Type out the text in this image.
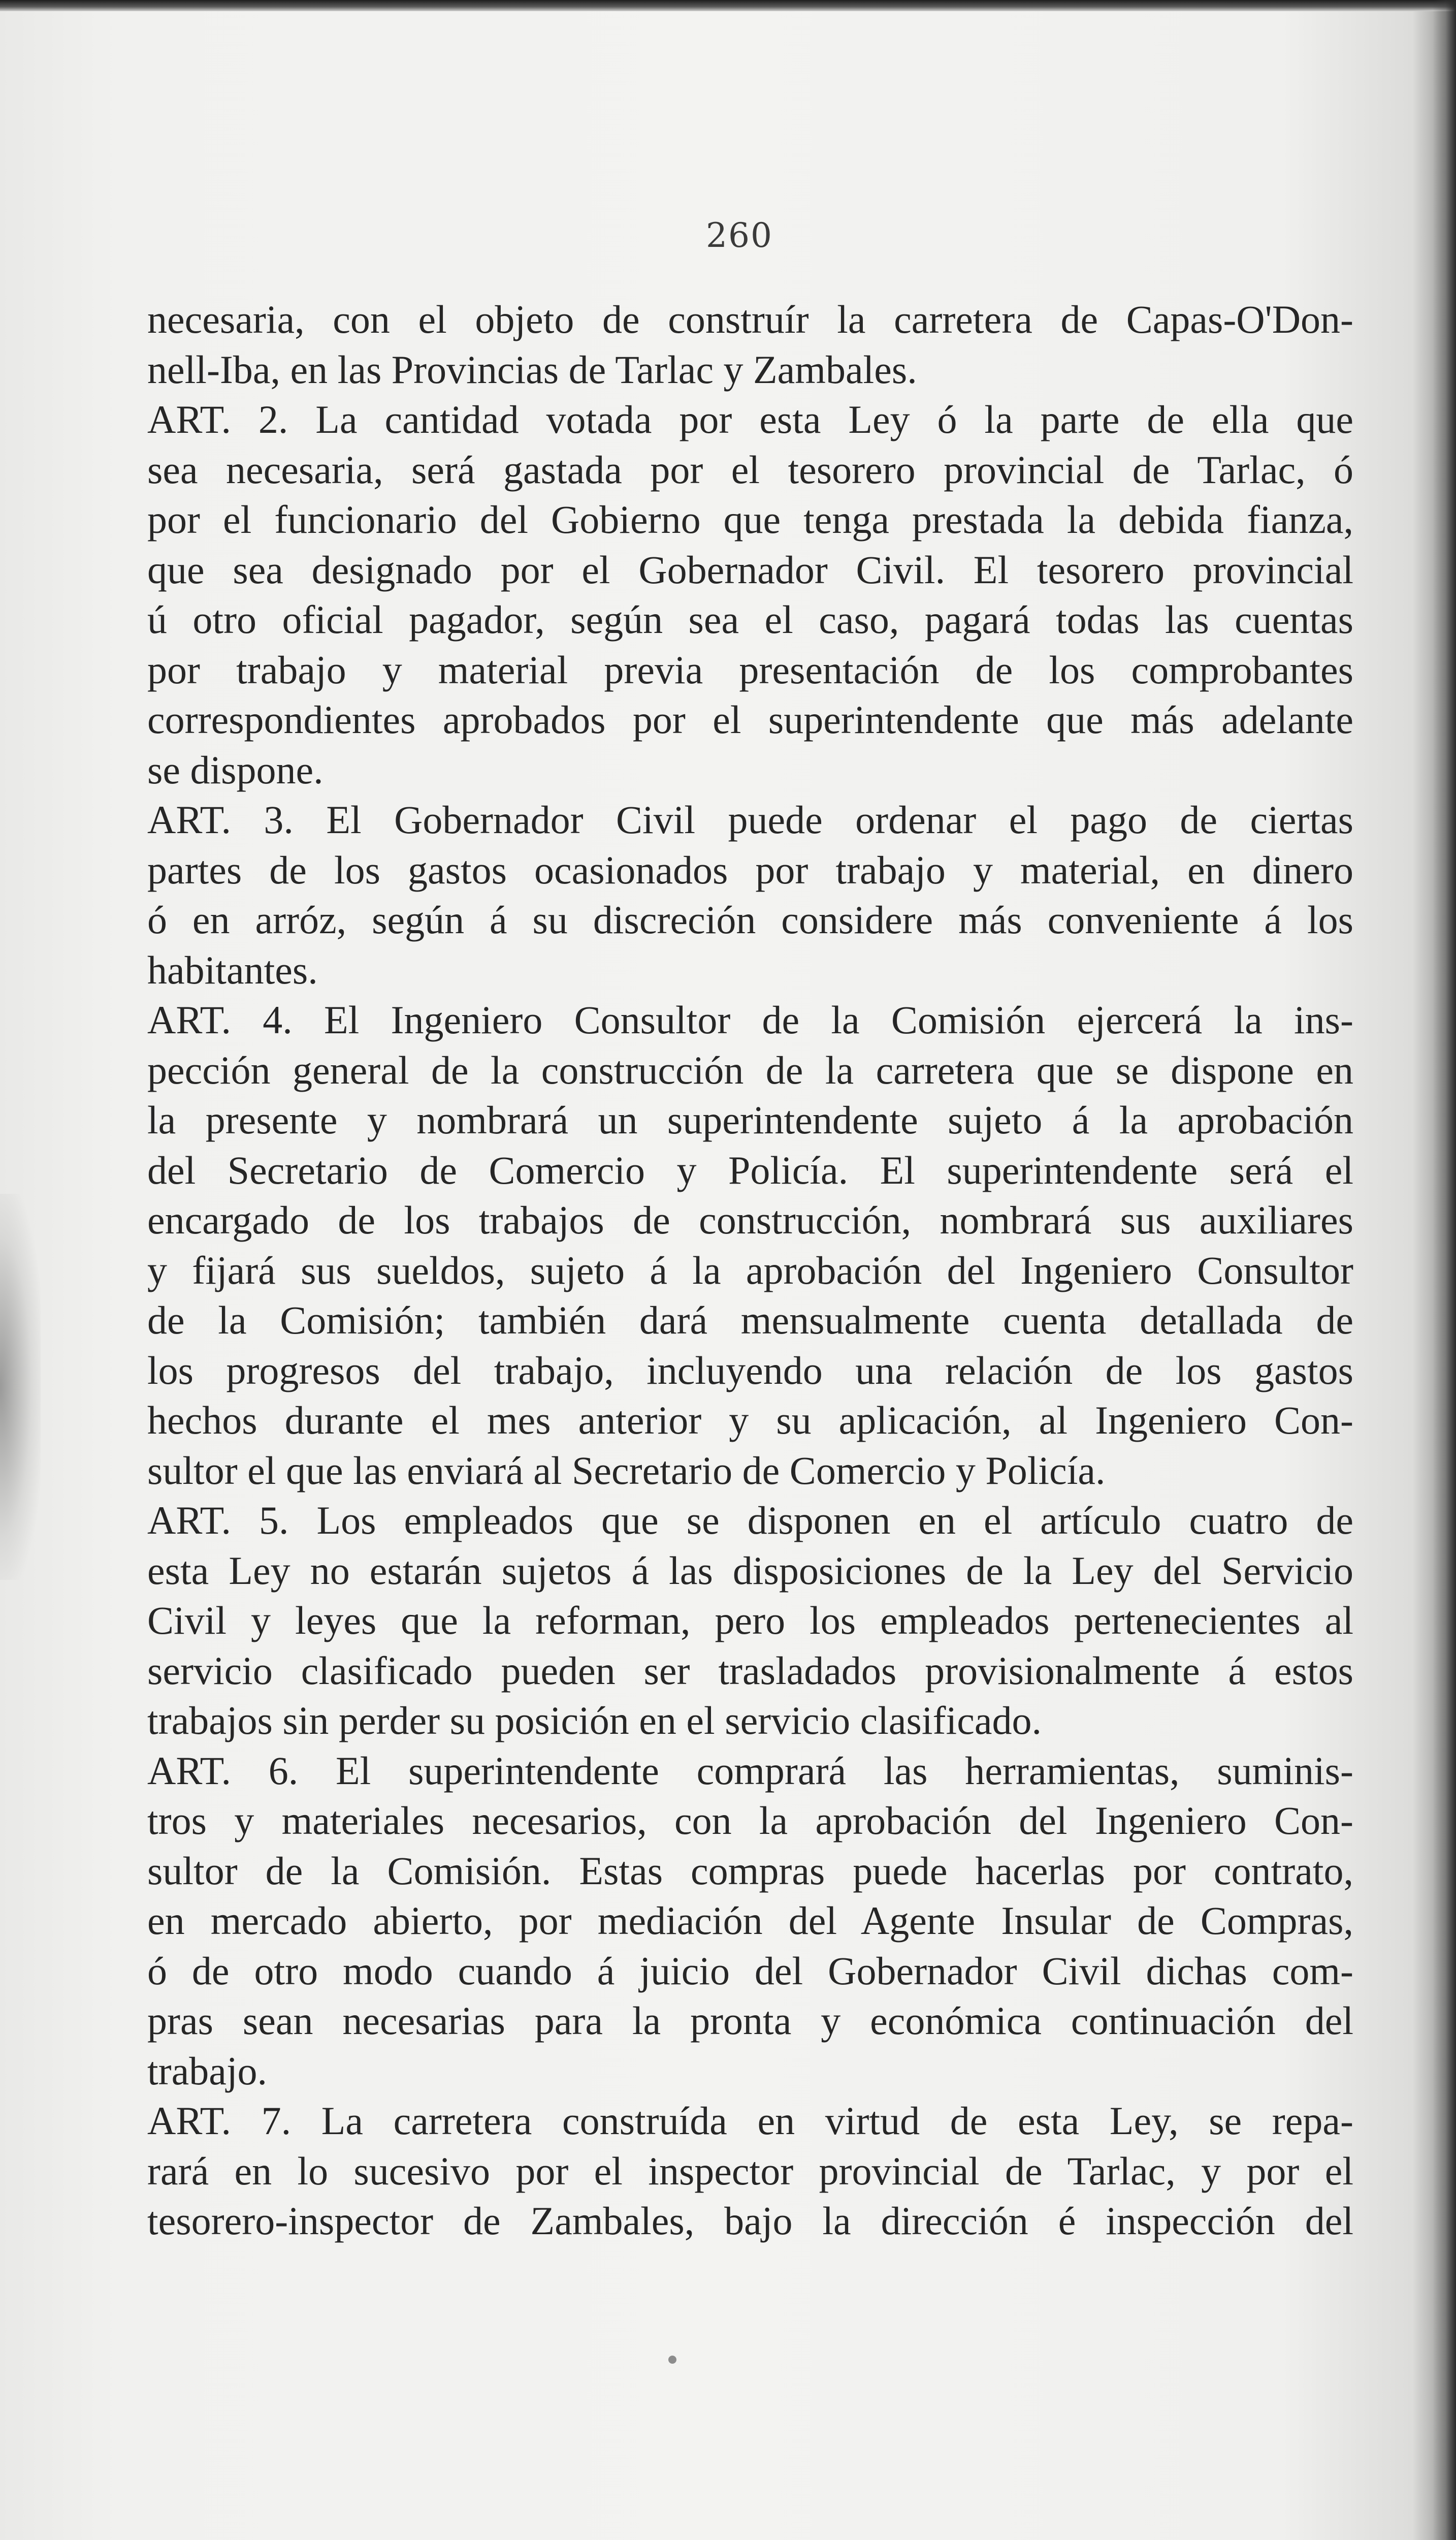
260
necesaria, con el objeto de construír la carretera de Capas-O'Don-
nell-Iba, en las Provincias de Tarlac y Zambales.
ART. 2. La cantidad votada por esta Ley ó la parte de ella que
sea necesaria, será gastada por el tesorero provincial de Tarlac, ó
por el funcionario del Gobierno que tenga prestada la debida fianza,
que sea designado por el Gobernador Civil. El tesorero provincial
ú otro oficial pagador, según sea el caso, pagará todas las cuentas
por trabajo y material previa presentación de los comprobantes
correspondientes aprobados por el superintendente que más adelante
se dispone.
ART. 3. El Gobernador Civil puede ordenar el pago de ciertas
partes de los gastos ocasionados por trabajo y material, en dinero
ó en arróz, según á su discreción considere más conveniente á los
habitantes.
ART. 4. El Ingeniero Consultor de la Comisión ejercerá la ins-
pección general de la construcción de la carretera que se dispone en
la presente y nombrará un superintendente sujeto á la aprobación
del Secretario de Comercio y Policía. El superintendente será el
encargado de los trabajos de construcción, nombrará sus auxiliares
y fijará sus sueldos, sujeto á la aprobación del Ingeniero Consultor
de la Comisión; también dará mensualmente cuenta detallada de
los progresos del trabajo, incluyendo una relación de los gastos
hechos durante el mes anterior y su aplicación, al Ingeniero Con-
sultor el que las enviará al Secretario de Comercio y Policía.
ART. 5. Los empleados que se disponen en el artículo cuatro de
esta Ley no estarán sujetos á las disposiciones de la Ley del Servicio
Civil y leyes que la reforman, pero los empleados pertenecientes al
servicio clasificado pueden ser trasladados provisionalmente á estos
trabajos sin perder su posición en el servicio clasificado.
ART. 6. El superintendente comprará las herramientas, suminis-
tros y materiales necesarios, con la aprobación del Ingeniero Con-
sultor de la Comisión. Estas compras puede hacerlas por contrato,
en mercado abierto, por mediación del Agente Insular de Compras,
ó de otro modo cuando á juicio del Gobernador Civil dichas com-
pras sean necesarias para la pronta y económica continuación del
trabajo.
ART. 7. La carretera construída en virtud de esta Ley, se repa-
rará en lo sucesivo por el inspector provincial de Tarlac, y por el
tesorero-inspector de Zambales, bajo la dirección é inspección del
